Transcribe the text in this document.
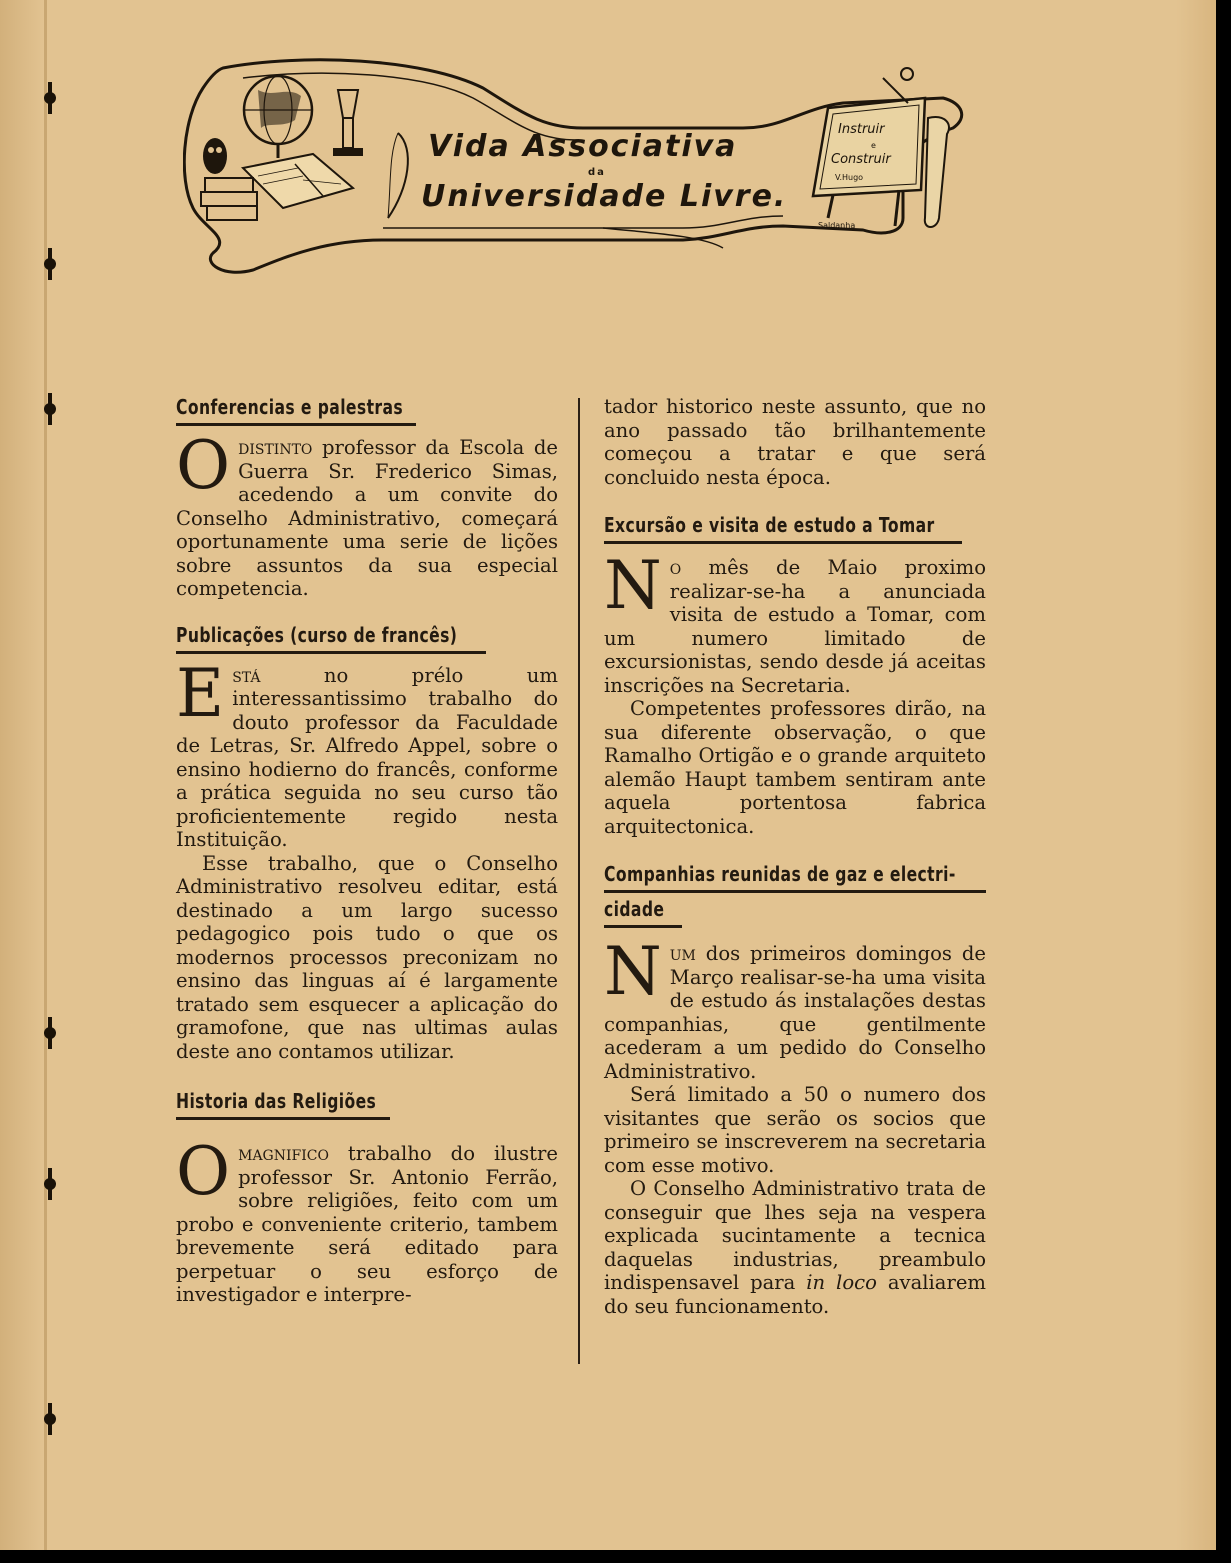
Vida Associativa
da
Universidade Livre.
Instruir
e
Construir
V.Hugo
Saldanha
Conferencias e palestras

Odistinto professor da Escola de Guerra Sr. Frederico Simas, acedendo a um convite do Conselho Administrativo, começará oportunamente uma serie de lições sobre assuntos da sua especial competencia.

Publicações (curso de francês)

Está no prélo um interessantissimo trabalho do douto professor da Faculdade de Letras, Sr. Alfredo Appel, sobre o ensino hodierno do francês, conforme a prática seguida no seu curso tão proficientemente regido nesta Instituição.

Esse trabalho, que o Conselho Administrativo resolveu editar, está destinado a um largo sucesso pedagogico pois tudo o que os modernos processos preconizam no ensino das linguas aí é largamente tratado sem esquecer a aplicação do gramofone, que nas ultimas aulas deste ano contamos utilizar.

Historia das Religiões

Omagnifico trabalho do ilustre professor Sr. Antonio Ferrão, sobre religiões, feito com um probo e conveniente criterio, tambem brevemente será editado para perpetuar o seu esforço de investigador e interpre-

tador historico neste assunto, que no ano passado tão brilhantemente começou a tratar e que será concluido nesta época.

Excursão e visita de estudo a Tomar

No mês de Maio proximo realizar-se-ha a anunciada visita de estudo a Tomar, com um numero limitado de excursionistas, sendo desde já aceitas inscrições na Secretaria.

Competentes professores dirão, na sua diferente observação, o que Ramalho Ortigão e o grande arquiteto alemão Haupt tambem sentiram ante aquela portentosa fabrica arquitectonica.

Companhias reunidas de gaz e electri-
cidade

Num dos primeiros domingos de Março realisar-se-ha uma visita de estudo ás instalações destas companhias, que gentilmente acederam a um pedido do Conselho Administrativo.

Será limitado a 50 o numero dos visitantes que serão os socios que primeiro se inscreverem na secretaria com esse motivo.

O Conselho Administrativo trata de conseguir que lhes seja na vespera explicada sucintamente a tecnica daquelas industrias, preambulo indispensavel para in loco avaliarem do seu funcionamento.
